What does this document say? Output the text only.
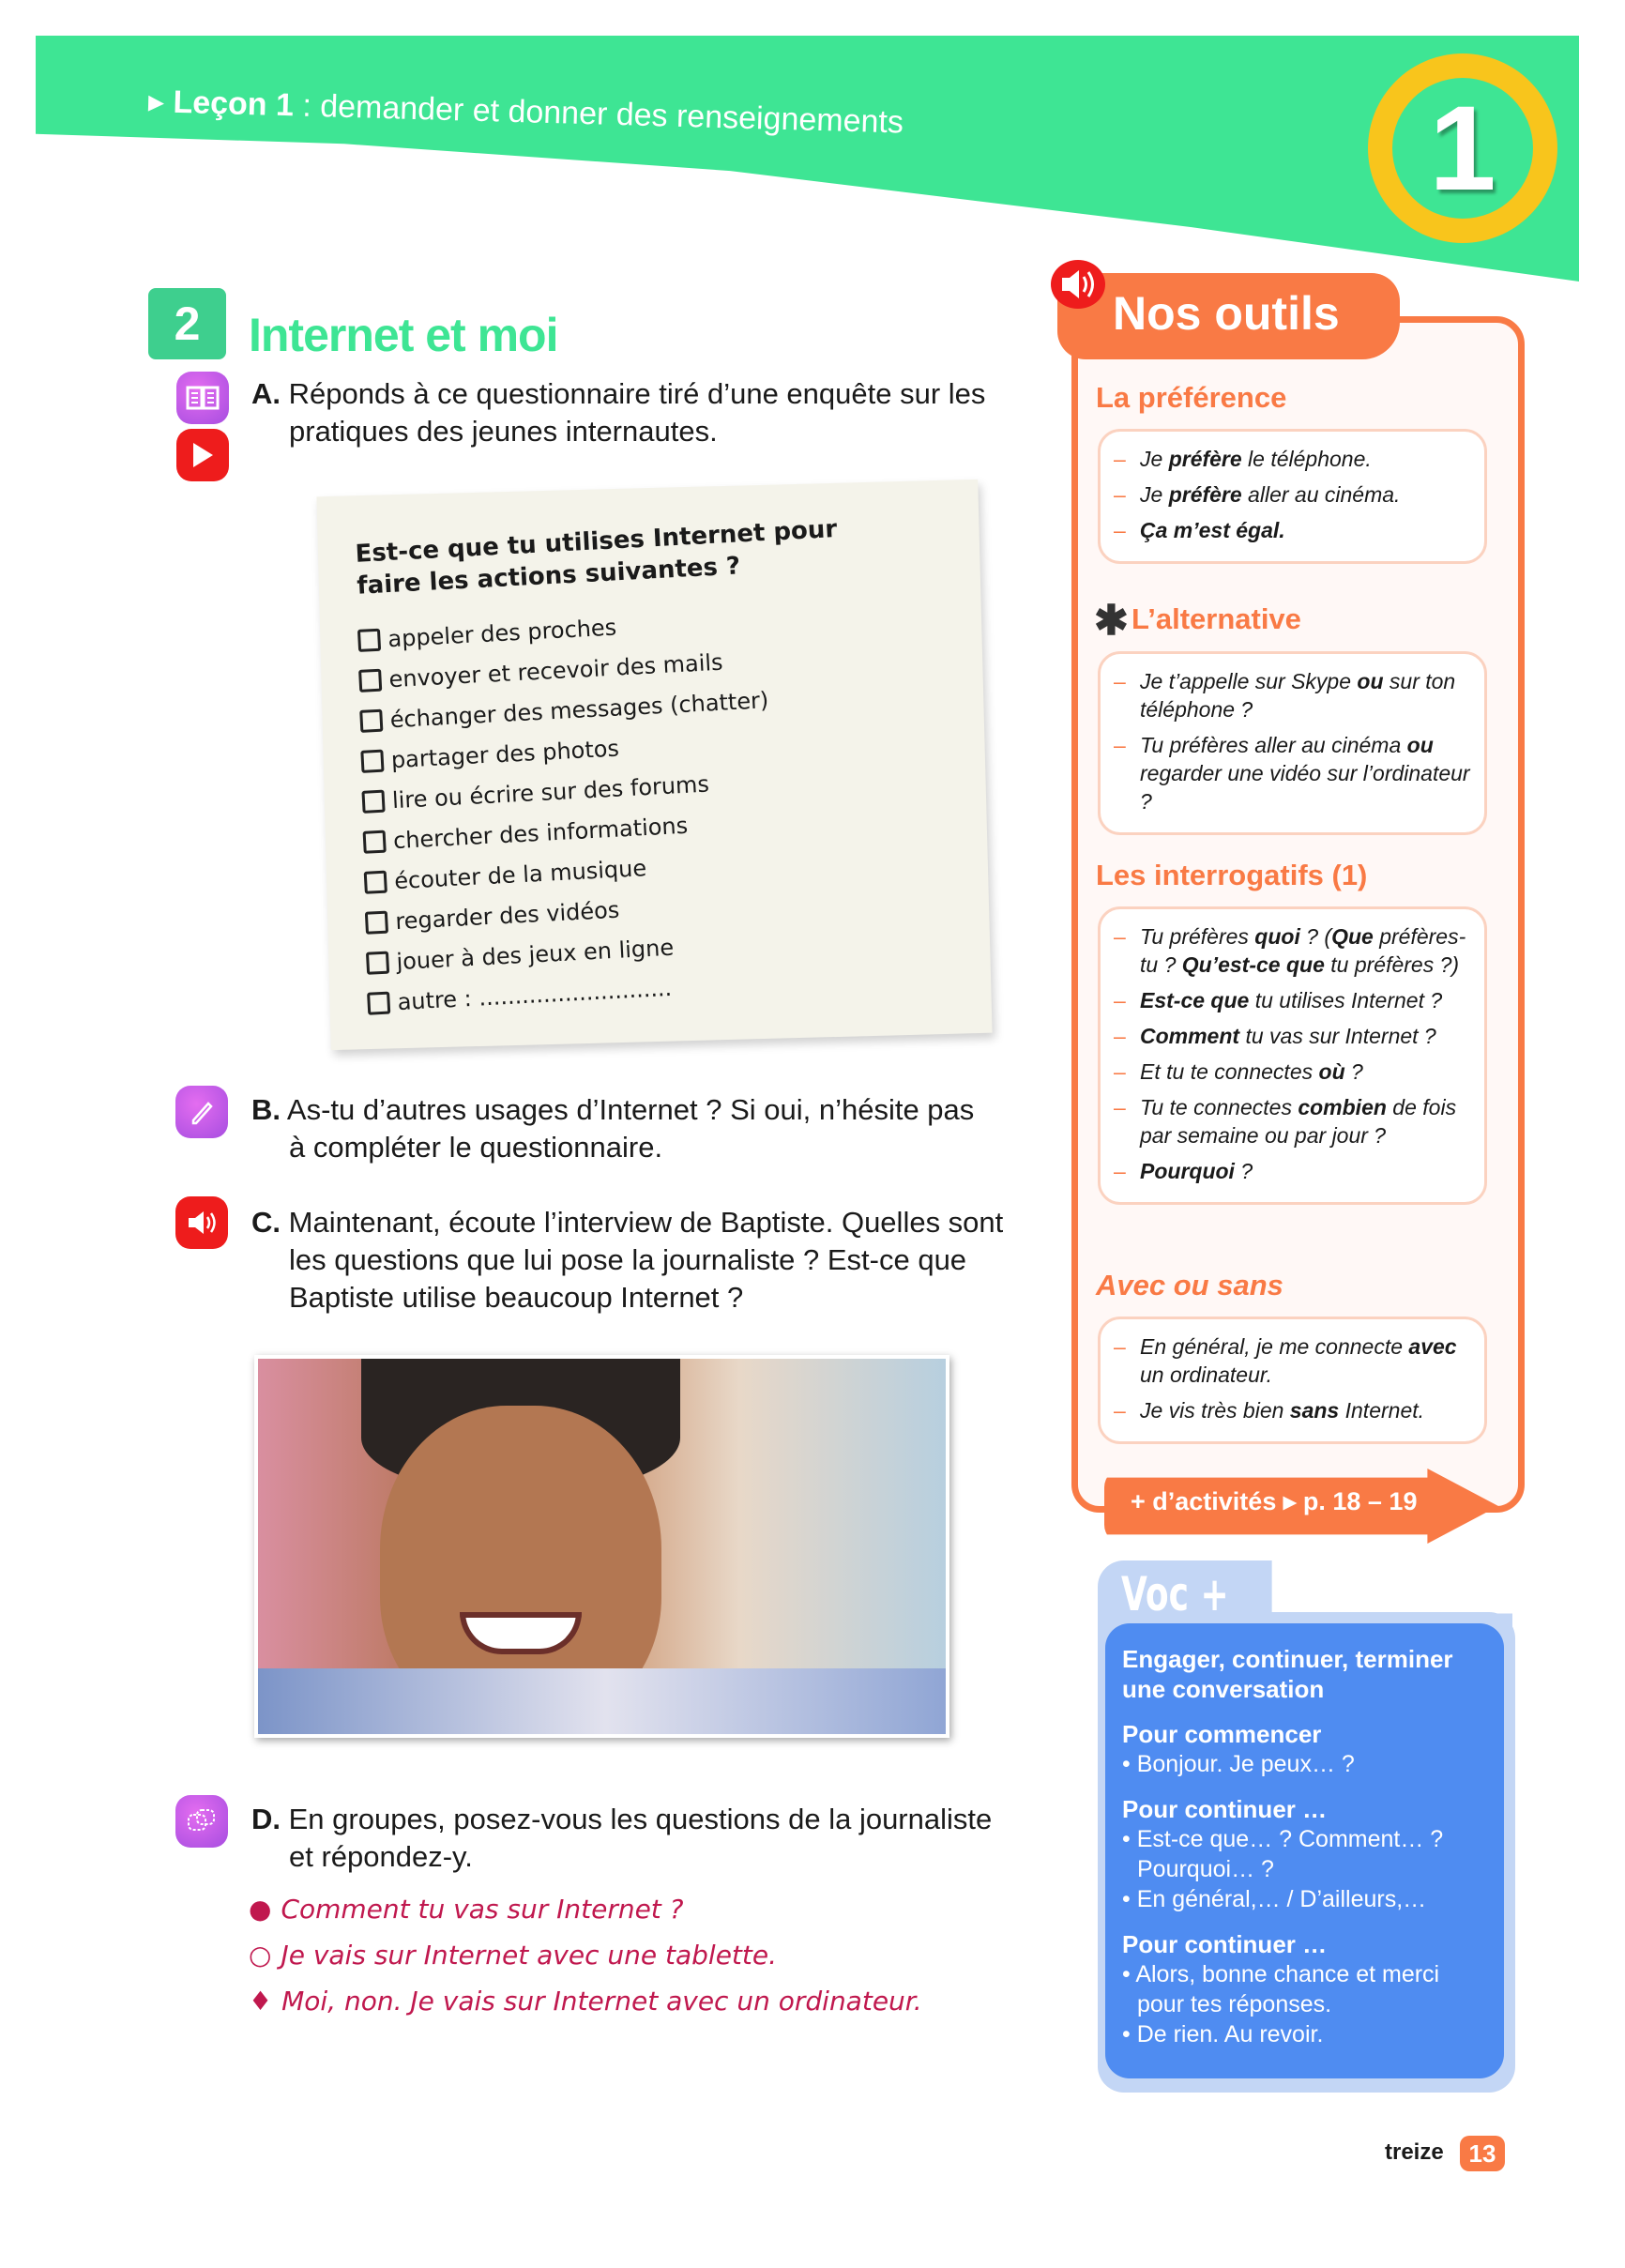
▸ Leçon 1 : demander et donner des renseignements	1
2	Internet et moi
A. Réponds à ce questionnaire tiré d’une enquête sur les
pratiques des jeunes internautes.
Est-ce que tu utilises Internet pour faire les actions suivantes ?
appeler des proches
envoyer et recevoir des mails
échanger des messages (chatter)
partager des photos
lire ou écrire sur des forums
chercher des informations
écouter de la musique
regarder des vidéos
jouer à des jeux en ligne
autre : ...........................
B. As-tu d’autres usages d’Internet ? Si oui, n’hésite pas
à compléter le questionnaire.
C. Maintenant, écoute l’interview de Baptiste. Quelles sont
les questions que lui pose la journaliste ? Est-ce que
Baptiste utilise beaucoup Internet ?
D. En groupes, posez-vous les questions de la journaliste
et répondez-y.
● Comment tu vas sur Internet ?
○ Je vais sur Internet avec une tablette.
♦ Moi, non. Je vais sur Internet avec un ordinateur.
Nos outils
La préférence
– Je préfère le téléphone.
– Je préfère aller au cinéma.
– Ça m’est égal.
✱ L’alternative
– Je t’appelle sur Skype ou sur ton téléphone ?
– Tu préfères aller au cinéma ou regarder une vidéo sur l’ordinateur ?
Les interrogatifs (1)
– Tu préfères quoi ? (Que préfères-tu ? Qu’est-ce que tu préfères ?)
– Est-ce que tu utilises Internet ?
– Comment tu vas sur Internet ?
– Et tu te connectes où ?
– Tu te connectes combien de fois par semaine ou par jour ?
– Pourquoi ?
Avec ou sans
– En général, je me connecte avec un ordinateur.
– Je vis très bien sans Internet.
+ d’activités ▸ p. 18 – 19
Voc +
Engager, continuer, terminer une conversation
Pour commencer
• Bonjour. Je peux… ?
Pour continuer …
• Est-ce que… ? Comment… ? Pourquoi… ?
• En général,… / D’ailleurs,…
Pour continuer …
• Alors, bonne chance et merci pour tes réponses.
• De rien. Au revoir.
treize	13
